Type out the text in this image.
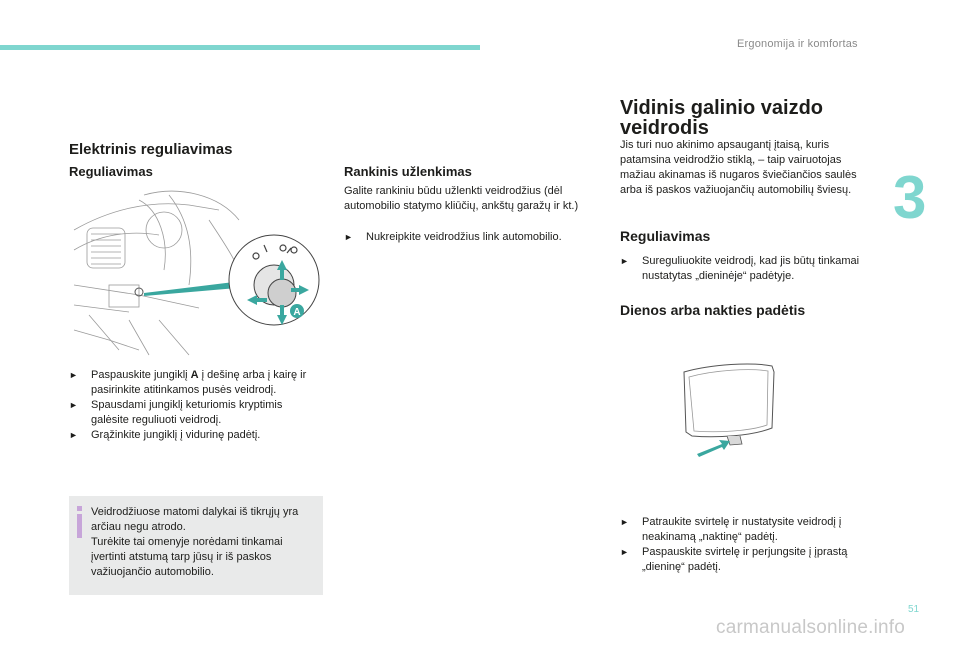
Ergonomija ir komfortas
3
Elektrinis reguliavimas
Reguliavimas
A
► Paspauskite jungiklį A į dešinę arba į kairę ir pasirinkite atitinkamos pusės veidrodį.
► Spausdami jungiklį keturiomis kryptimis galėsite reguliuoti veidrodį.
► Grąžinkite jungiklį į vidurinę padėtį.
Veidrodžiuose matomi dalykai iš tikrųjų yra arčiau negu atrodo.
Turėkite tai omenyje norėdami tinkamai įvertinti atstumą tarp jūsų ir iš paskos važiuojančio automobilio.
Rankinis užlenkimas

Galite rankiniu būdu užlenkti veidrodžius (dėl automobilio statymo kliūčių, ankštų garažų ir kt.)

► Nukreipkite veidrodžius link automobilio.
Vidinis galinio vaizdo veidrodis

Jis turi nuo akinimo apsaugantį įtaisą, kuris patamsina veidrodžio stiklą, – taip vairuotojas mažiau akinamas iš nugaros šviečiančios saulės arba iš paskos važiuojančių automobilių šviesų.

Reguliavimas
► Sureguliuokite veidrodį, kad jis būtų tinkamai nustatytas „dieninėje“ padėtyje.
Dienos arba nakties padėtis
► Patraukite svirtelę ir nustatysite veidrodį į neakinamą „naktinę“ padėtį.
► Paspauskite svirtelę ir perjungsite į įprastą „dieninę“ padėtį.
51
carmanualsonline.info
